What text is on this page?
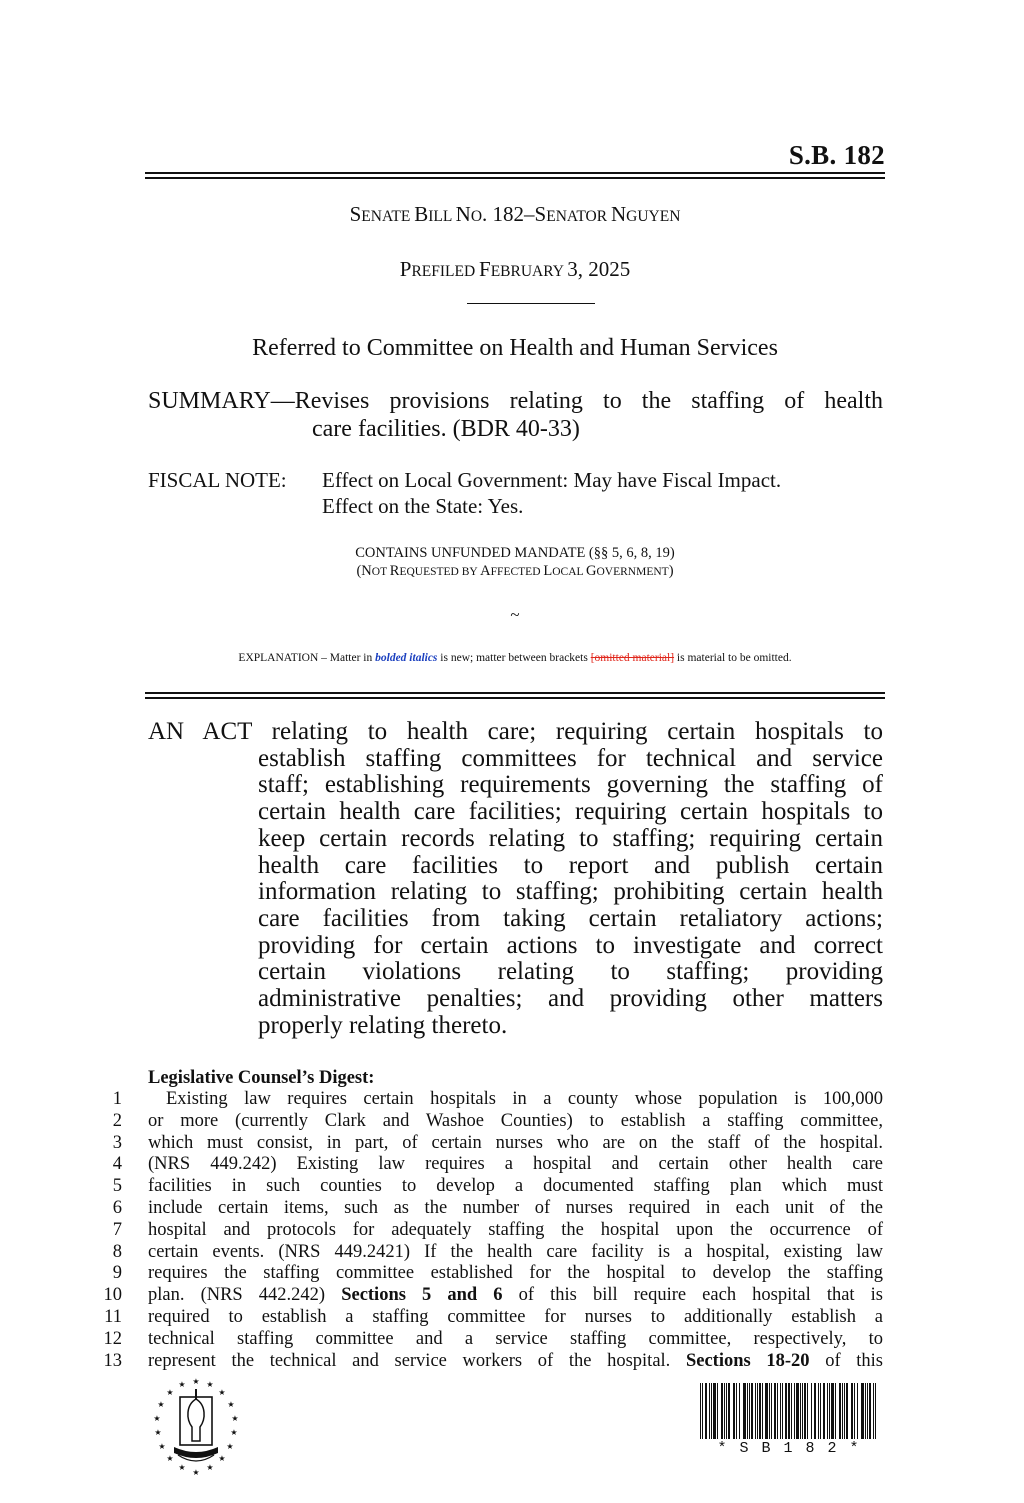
S.B. 182
SENATE BILL NO. 182–SENATOR NGUYEN
PREFILED FEBRUARY 3, 2025
Referred to Committee on Health and Human Services
SUMMARY—Revises provisions relating to the staffing of health
care facilities. (BDR 40-33)
FISCAL NOTE: Effect on Local Government: May have Fiscal Impact.
Effect on the State: Yes.
CONTAINS UNFUNDED MANDATE (§§ 5, 6, 8, 19)
(NOT REQUESTED BY AFFECTED LOCAL GOVERNMENT)
~
EXPLANATION – Matter in bolded italics is new; matter between brackets [omitted material] is material to be omitted.
AN ACT relating to health care; requiring certain hospitals to
establish staffing committees for technical and service
staff; establishing requirements governing the staffing of
certain health care facilities; requiring certain hospitals to
keep certain records relating to staffing; requiring certain
health care facilities to report and publish certain
information relating to staffing; prohibiting certain health
care facilities from taking certain retaliatory actions;
providing for certain actions to investigate and correct
certain violations relating to staffing; providing
administrative penalties; and providing other matters
properly relating thereto.
Legislative Counsel’s Digest:
1 Existing law requires certain hospitals in a county whose population is 100,000
2 or more (currently Clark and Washoe Counties) to establish a staffing committee,
3 which must consist, in part, of certain nurses who are on the staff of the hospital.
4 (NRS 449.242) Existing law requires a hospital and certain other health care
5 facilities in such counties to develop a documented staffing plan which must
6 include certain items, such as the number of nurses required in each unit of the
7 hospital and protocols for adequately staffing the hospital upon the occurrence of
8 certain events. (NRS 449.2421) If the health care facility is a hospital, existing law
9 requires the staffing committee established for the hospital to develop the staffing
10 plan. (NRS 442.242) Sections 5 and 6 of this bill require each hospital that is
11 required to establish a staffing committee for nurses to additionally establish a
12 technical staffing committee and a service staffing committee, respectively, to
13 represent the technical and service workers of the hospital. Sections 18-20 of this
★
★	★
★	★
★	★
★	★
★	★
★	★
★	★
★	★
★
* S B 1 8 2 *
